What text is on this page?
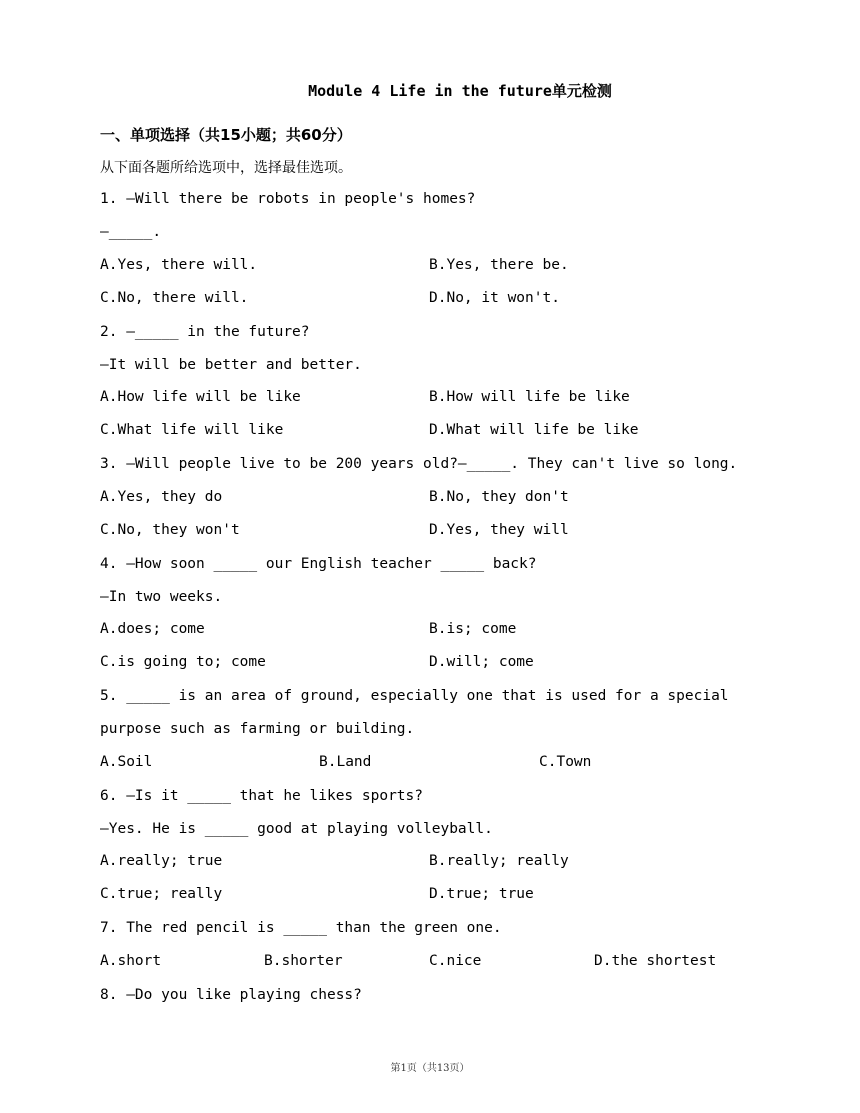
Module 4 Life in the future单元检测
一、单项选择（共15小题；共60分）
从下面各题所给选项中，选择最佳选项。
1. —Will there be robots in people's homes?
—_____.
A.Yes, there will.	B.Yes, there be.
C.No, there will.	D.No, it won't.
2. —_____ in the future?
—It will be better and better.
A.How life will be like	B.How will life be like
C.What life will like	D.What will life be like
3. —Will people live to be 200 years old?—_____. They can't live so long.
A.Yes, they do	B.No, they don't
C.No, they won't	D.Yes, they will
4. —How soon _____ our English teacher _____ back?
—In two weeks.
A.does; come	B.is; come
C.is going to; come	D.will; come
5. _____ is an area of ground, especially one that is used for a special
purpose such as farming or building.
A.Soil	B.Land	C.Town
6. —Is it _____ that he likes sports?
—Yes. He is _____ good at playing volleyball.
A.really; true	B.really; really
C.true; really	D.true; true
7. The red pencil is _____ than the green one.
A.short	B.shorter	C.nice	D.the shortest
8. —Do you like playing chess?
第1页（共13页）
